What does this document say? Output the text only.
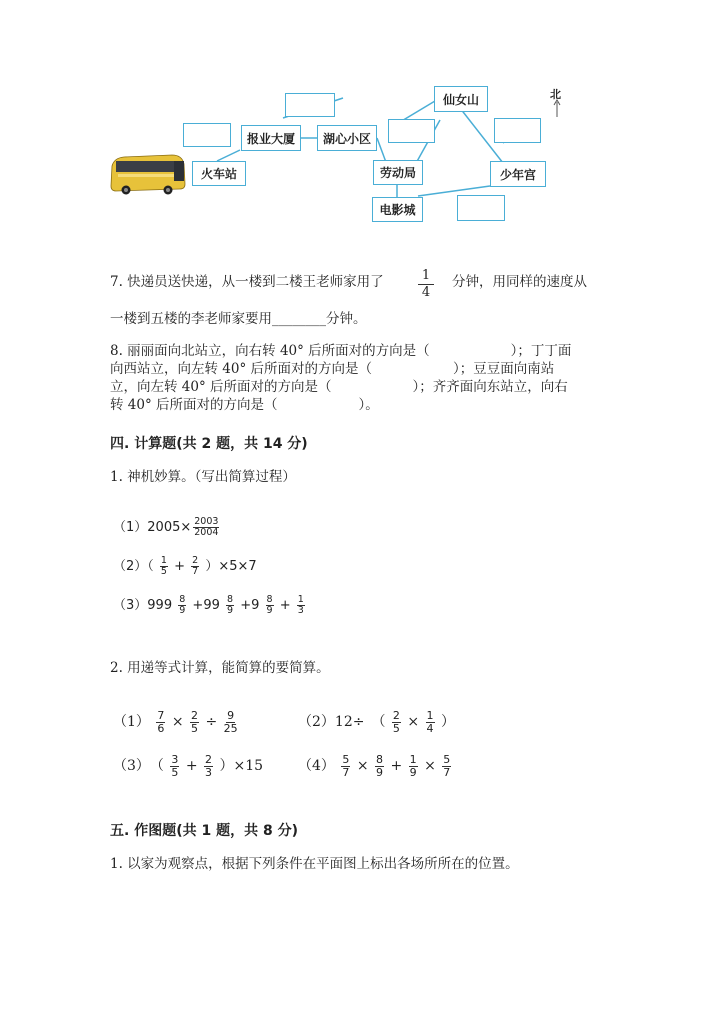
报业大厦 湖心小区
仙女山
火车站	劳动局	少年宫
电影城
北
7. 快递员送快递，从一楼到二楼王老师家用了	$\frac{1}{4}$ 分钟，用同样的速度从
一楼到五楼的李老师家要用________分钟。
8. 丽丽面向北站立，向右转 40° 后所面对的方向是（　　　　　　）；丁丁面
向西站立，向左转 40° 后所面对的方向是（　　　　　　）；豆豆面向南站
立，向左转 40° 后所面对的方向是（　　　　　　）；齐齐面向东站立，向右
转 40° 后所面对的方向是（　　　　　　）。
四. 计算题(共 2 题，共 14 分)
1. 神机妙算。（写出简算过程）
$(1)2005\times \frac{2003}{2004}$
$(2)( \frac{1}{5} + \frac{2}{7} )\times 5\times 7$
$(3)999 \frac{8}{9} +99 \frac{8}{9} +9 \frac{8}{9} + \frac{1}{3}$
2. 用递等式计算，能简算的要简算。
$(1) \frac{7}{6} \times \frac{2}{5} \div \frac{9}{25}$	（2）12÷　（ $\frac{2}{5} \times \frac{1}{4}$ ）
（3）　（ $\frac{3}{5} + \frac{2}{3} )\times 15$ $(4) \frac{5}{7} \times \frac{8}{9} + \frac{1}{9} \times \frac{5}{7}$
五. 作图题(共 1 题，共 8 分)
1. 以家为观察点，根据下列条件在平面图上标出各场所所在的位置。
